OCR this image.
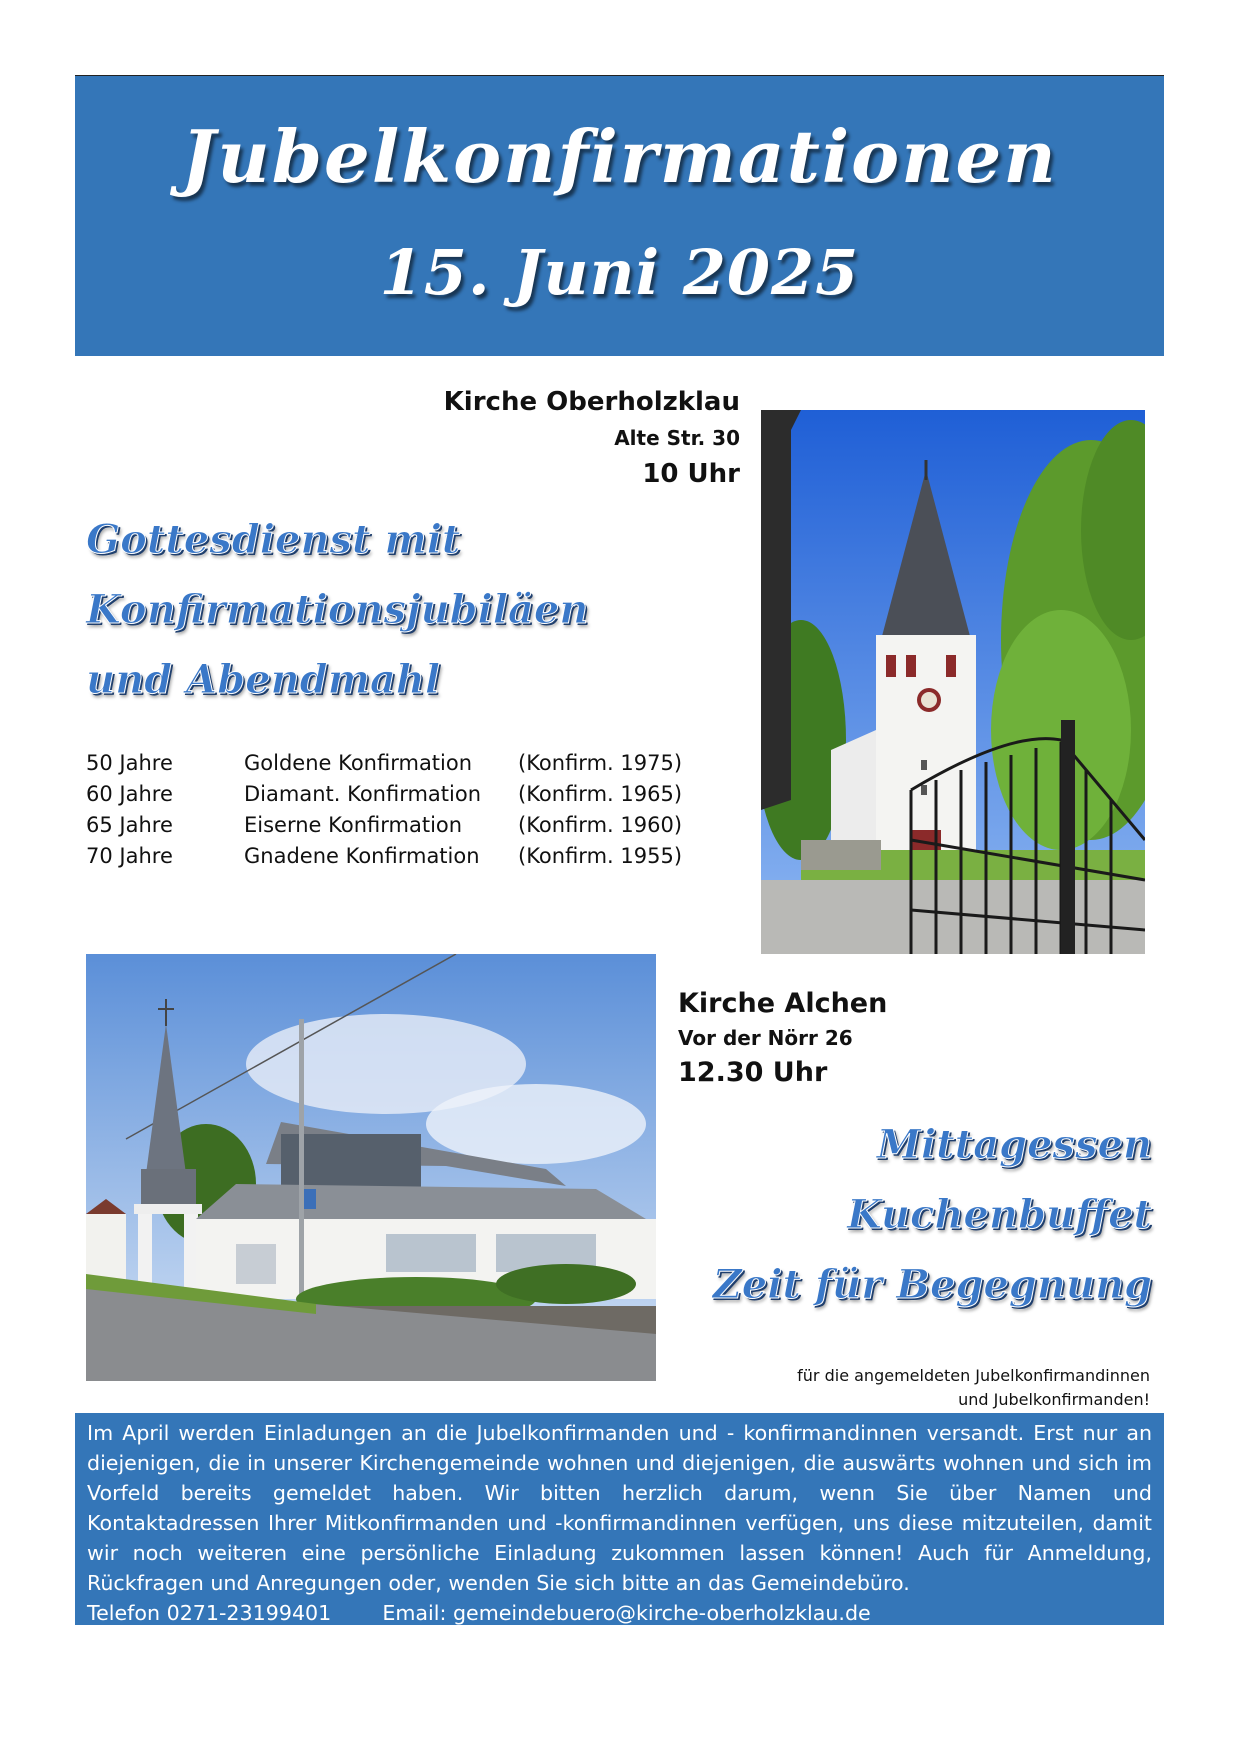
Jubelkonfirmationen
15. Juni 2025
Kirche Oberholzklau
Alte Str. 30
10 Uhr
Gottesdienst mit
Konfirmationsjubiläen
und Abendmahl
50 Jahre	Goldene Konfirmation (Konfirm. 1975)
60 Jahre	Diamant. Konfirmation (Konfirm. 1965)
65 Jahre	Eiserne Konfirmation	(Konfirm. 1960)
70 Jahre	Gnadene Konfirmation (Konfirm. 1955)
Kirche Alchen
Vor der Nörr 26
12.30 Uhr
Mittagessen
Kuchenbuffet
Zeit für Begegnung
für die angemeldeten Jubelkonfirmandinnen
und Jubelkonfirmanden!
Im April werden Einladungen an die Jubelkonfirmanden und - konfirmandinnen versandt. Erst nur an diejenigen, die in unserer Kirchengemeinde wohnen und diejenigen, die auswärts wohnen und sich im Vorfeld bereits gemeldet haben. Wir bitten herzlich darum, wenn Sie über Namen und Kontaktadressen Ihrer Mitkonfirmanden und -konfirmandinnen verfügen, uns diese mitzuteilen, damit wir noch weiteren eine persönliche Einladung zukommen lassen können! Auch für Anmeldung, Rückfragen und Anregungen oder, wenden Sie sich bitte an das Gemeindebüro.
Telefon 0271-23199401 Email: gemeindebuero@kirche-oberholzklau.de
